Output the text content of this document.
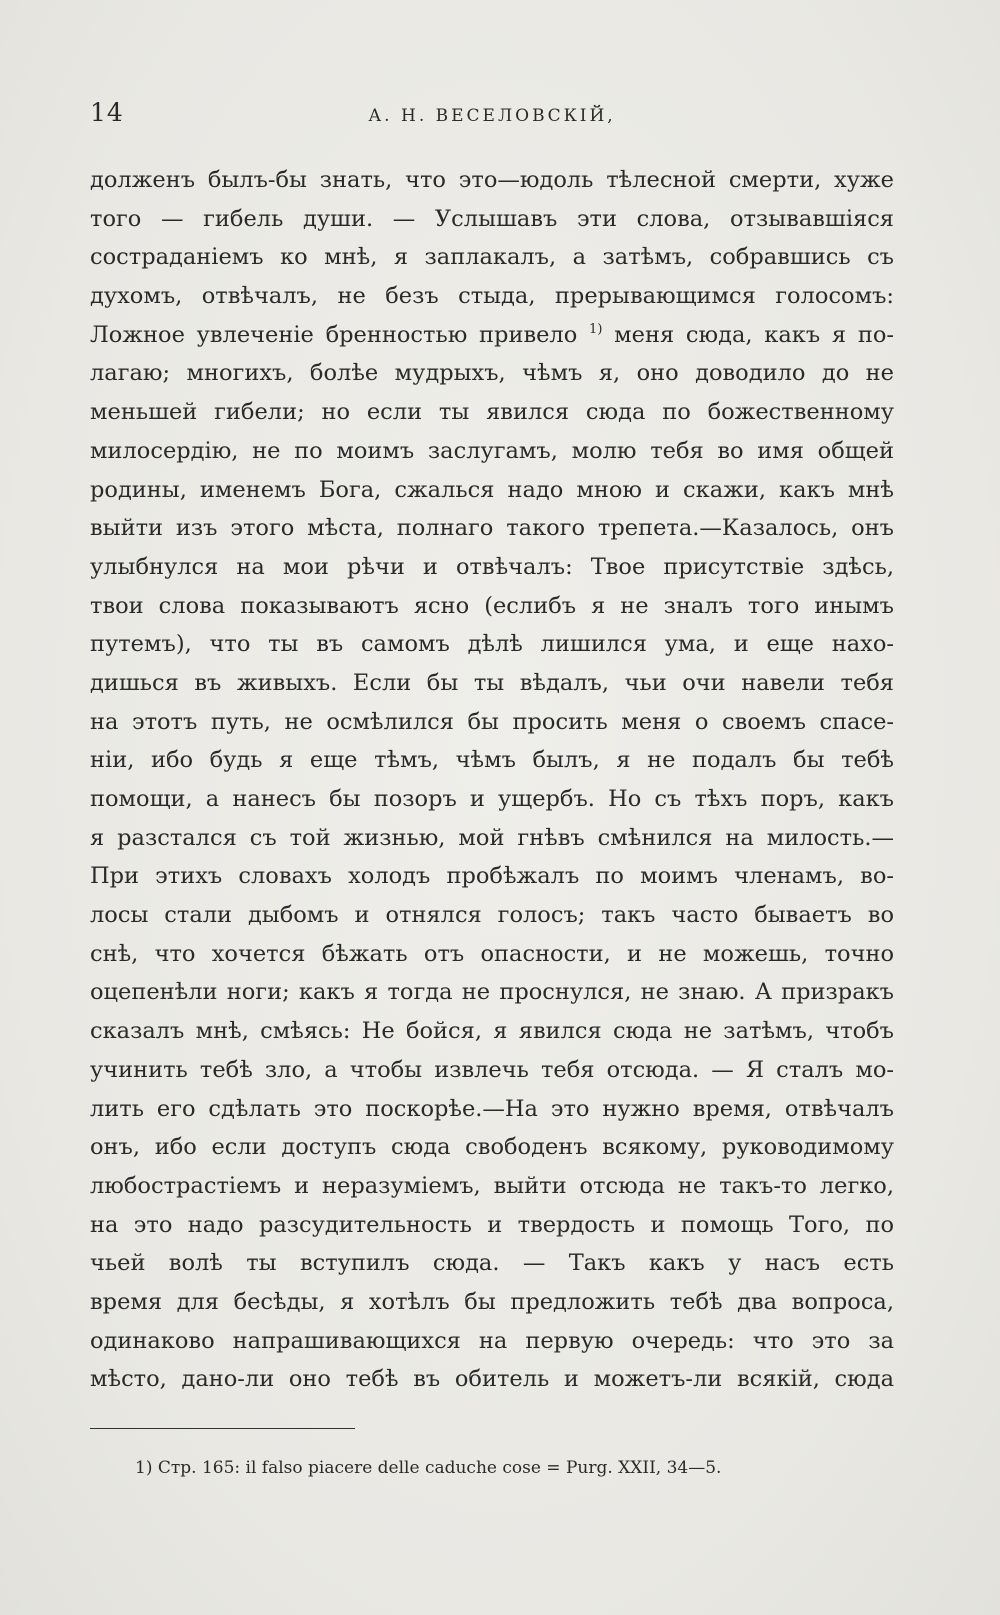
14	А. Н. ВЕСЕЛОВСКІЙ,
долженъ былъ-бы знать, что это—юдоль тѣлесной смерти, хуже
того — гибель души. — Услышавъ эти слова, отзывавшіяся
состраданіемъ ко мнѣ, я заплакалъ, а затѣмъ, собравшись съ
духомъ, отвѣчалъ, не безъ стыда, прерывающимся голосомъ:
Ложное увлеченіе бренностью привело $^{1)}$ меня сюда, какъ я по-
лагаю; многихъ, болѣе мудрыхъ, чѣмъ я, оно доводило до не
меньшей гибели; но если ты явился сюда по божественному
милосердію, не по моимъ заслугамъ, молю тебя во имя общей
родины, именемъ Бога, сжалься надо мною и скажи, какъ мнѣ
выйти изъ этого мѣста, полнаго такого трепета.—Казалось, онъ
улыбнулся на мои рѣчи и отвѣчалъ: Твое присутствіе здѣсь,
твои слова показываютъ ясно (еслибъ я не зналъ того инымъ
путемъ), что ты въ самомъ дѣлѣ лишился ума, и еще нахо-
дишься въ живыхъ. Если бы ты вѣдалъ, чьи очи навели тебя
на этотъ путь, не осмѣлился бы просить меня о своемъ спасе-
ніи, ибо будь я еще тѣмъ, чѣмъ былъ, я не подалъ бы тебѣ
помощи, а нанесъ бы позоръ и ущербъ. Но съ тѣхъ поръ, какъ
я разстался съ той жизнью, мой гнѣвъ смѣнился на милость.—
При этихъ словахъ холодъ пробѣжалъ по моимъ членамъ, во-
лосы стали дыбомъ и отнялся голосъ; такъ часто бываетъ во
снѣ, что хочется бѣжать отъ опасности, и не можешь, точно
оцепенѣли ноги; какъ я тогда не проснулся, не знаю. А призракъ
сказалъ мнѣ, смѣясь: Не бойся, я явился сюда не затѣмъ, чтобъ
учинить тебѣ зло, а чтобы извлечь тебя отсюда. — Я сталъ мо-
лить его сдѣлать это поскорѣе.—На это нужно время, отвѣчалъ
онъ, ибо если доступъ сюда свободенъ всякому, руководимому
любострастіемъ и неразуміемъ, выйти отсюда не такъ-то легко,
на это надо разсудительность и твердость и помощь Того, по
чьей волѣ ты вступилъ сюда. — Такъ какъ у насъ есть
время для бесѣды, я хотѣлъ бы предложить тебѣ два вопроса,
одинаково напрашивающихся на первую очередь: что это за
мѣсто, дано-ли оно тебѣ въ обитель и можетъ-ли всякій, сюда
1) Стр. 165: il falso piacere delle caduche cose = Purg. XXII, 34—5.
